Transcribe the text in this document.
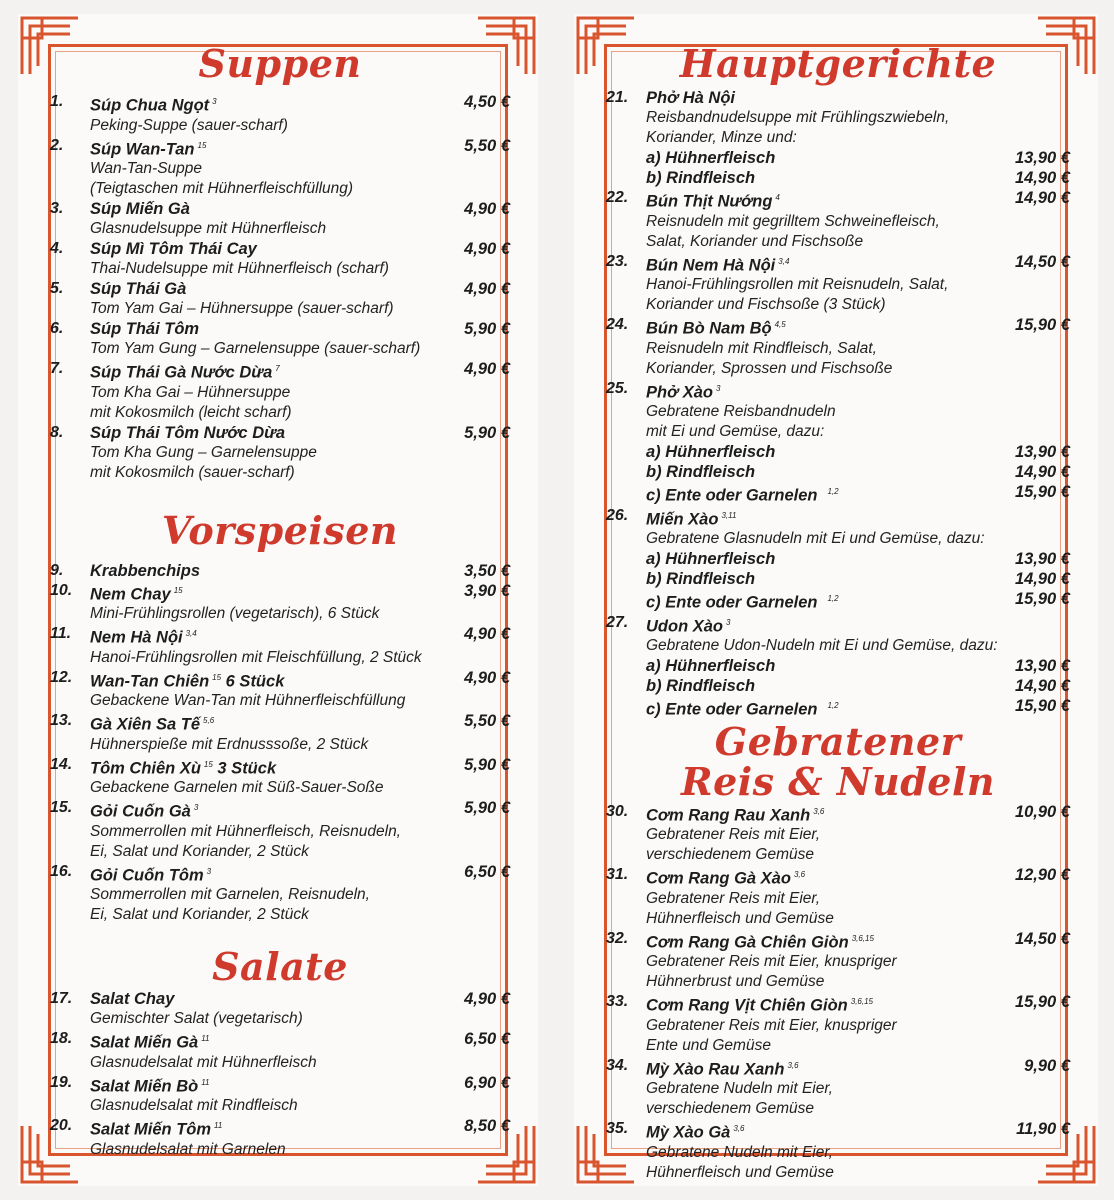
Suppen
1.	Súp Chua Ngọt $^3$	4,50 €
Peking-Suppe (sauer-scharf)
2.	Súp Wan-Tan $^{15}$	5,50 €
Wan-Tan-Suppe
(Teigtaschen mit Hühnerfleischfüllung)
3.	Súp Miến Gà	4,90 €
Glasnudelsuppe mit Hühnerfleisch
4.	Súp Mì Tôm Thái Cay	4,90 €
Thai-Nudelsuppe mit Hühnerfleisch (scharf)
5.	Súp Thái Gà	4,90 €
Tom Yam Gai – Hühnersuppe (sauer-scharf)
6.	Súp Thái Tôm	5,90 €
Tom Yam Gung – Garnelensuppe (sauer-scharf)
7.	Súp Thái Gà Nước Dừa $^7$	4,90 €
Tom Kha Gai – Hühnersuppe
mit Kokosmilch (leicht scharf)
8.	Súp Thái Tôm Nước Dừa	5,90 €
Tom Kha Gung – Garnelensuppe
mit Kokosmilch (sauer-scharf)
Vorspeisen
9.	Krabbenchips	3,50 €
10.	Nem Chay $^{15}$	3,90 €
Mini-Frühlingsrollen (vegetarisch), 6 Stück
11.	Nem Hà Nội $^{3,4}$	4,90 €
Hanoi-Frühlingsrollen mit Fleischfüllung, 2 Stück
12.	Wan-Tan Chiên $^{15}$ 6 Stück	4,90 €
Gebackene Wan-Tan mit Hühnerfleischfüllung
13.	Gà Xiên Sa Tế $^{5,6}$	5,50 €
Hühnerspieße mit Erdnusssoße, 2 Stück
14.	Tôm Chiên Xù $^{15}$ 3 Stück	5,90 €
Gebackene Garnelen mit Süß-Sauer-Soße
15.	Gỏi Cuốn Gà $^3$	5,90 €
Sommerrollen mit Hühnerfleisch, Reisnudeln,
Ei, Salat und Koriander, 2 Stück
16.	Gỏi Cuốn Tôm $^3$	6,50 €
Sommerrollen mit Garnelen, Reisnudeln,
Ei, Salat und Koriander, 2 Stück
Salate
17.	Salat Chay	4,90 €
Gemischter Salat (vegetarisch)
18.	Salat Miến Gà $^{11}$	6,50 €
Glasnudelsalat mit Hühnerfleisch
19.	Salat Miến Bò $^{11}$	6,90 €
Glasnudelsalat mit Rindfleisch
20.	Salat Miến Tôm $^{11}$	8,50 €
Glasnudelsalat mit Garnelen
Hauptgerichte
21.	Phở Hà Nội
Reisbandnudelsuppe mit Frühlingszwiebeln,
Koriander, Minze und:
a) Hühnerfleisch	13,90 €
b) Rindfleisch	14,90 €
22.	Bún Thịt Nướng $^4$	14,90 €
Reisnudeln mit gegrilltem Schweinefleisch,
Salat, Koriander und Fischsoße
23.	Bún Nem Hà Nội $^{3,4}$	14,50 €
Hanoi-Frühlingsrollen mit Reisnudeln, Salat,
Koriander und Fischsoße (3 Stück)
24.	Bún Bò Nam Bộ $^{4,5}$	15,90 €
Reisnudeln mit Rindfleisch, Salat,
Koriander, Sprossen und Fischsoße
25.	Phở Xào $^3$
Gebratene Reisbandnudeln
mit Ei und Gemüse, dazu:
a) Hühnerfleisch	13,90 €
b) Rindfleisch	14,90 €
c) Ente oder Garnelen $^{1,2}$	15,90 €
26.	Miến Xào $^{3,11}$
Gebratene Glasnudeln mit Ei und Gemüse, dazu:
a) Hühnerfleisch	13,90 €
b) Rindfleisch	14,90 €
c) Ente oder Garnelen $^{1,2}$	15,90 €
27.	Udon Xào $^3$
Gebratene Udon-Nudeln mit Ei und Gemüse, dazu:
a) Hühnerfleisch	13,90 €
b) Rindfleisch	14,90 €
c) Ente oder Garnelen $^{1,2}$	15,90 €
Gebratener
Reis & Nudeln
30.	Cơm Rang Rau Xanh $^{3,6}$	10,90 €
Gebratener Reis mit Eier,
verschiedenem Gemüse
31.	Cơm Rang Gà Xào $^{3,6}$	12,90 €
Gebratener Reis mit Eier,
Hühnerfleisch und Gemüse
32.	Cơm Rang Gà Chiên Giòn $^{3,6,15}$	14,50 €
Gebratener Reis mit Eier, knuspriger
Hühnerbrust und Gemüse
33.	Cơm Rang Vịt Chiên Giòn $^{3,6,15}$	15,90 €
Gebratener Reis mit Eier, knuspriger
Ente und Gemüse
34.	Mỳ Xào Rau Xanh $^{3,6}$	9,90 €
Gebratene Nudeln mit Eier,
verschiedenem Gemüse
35.	Mỳ Xào Gà $^{3,6}$	11,90 €
Gebratene Nudeln mit Eier,
Hühnerfleisch und Gemüse
